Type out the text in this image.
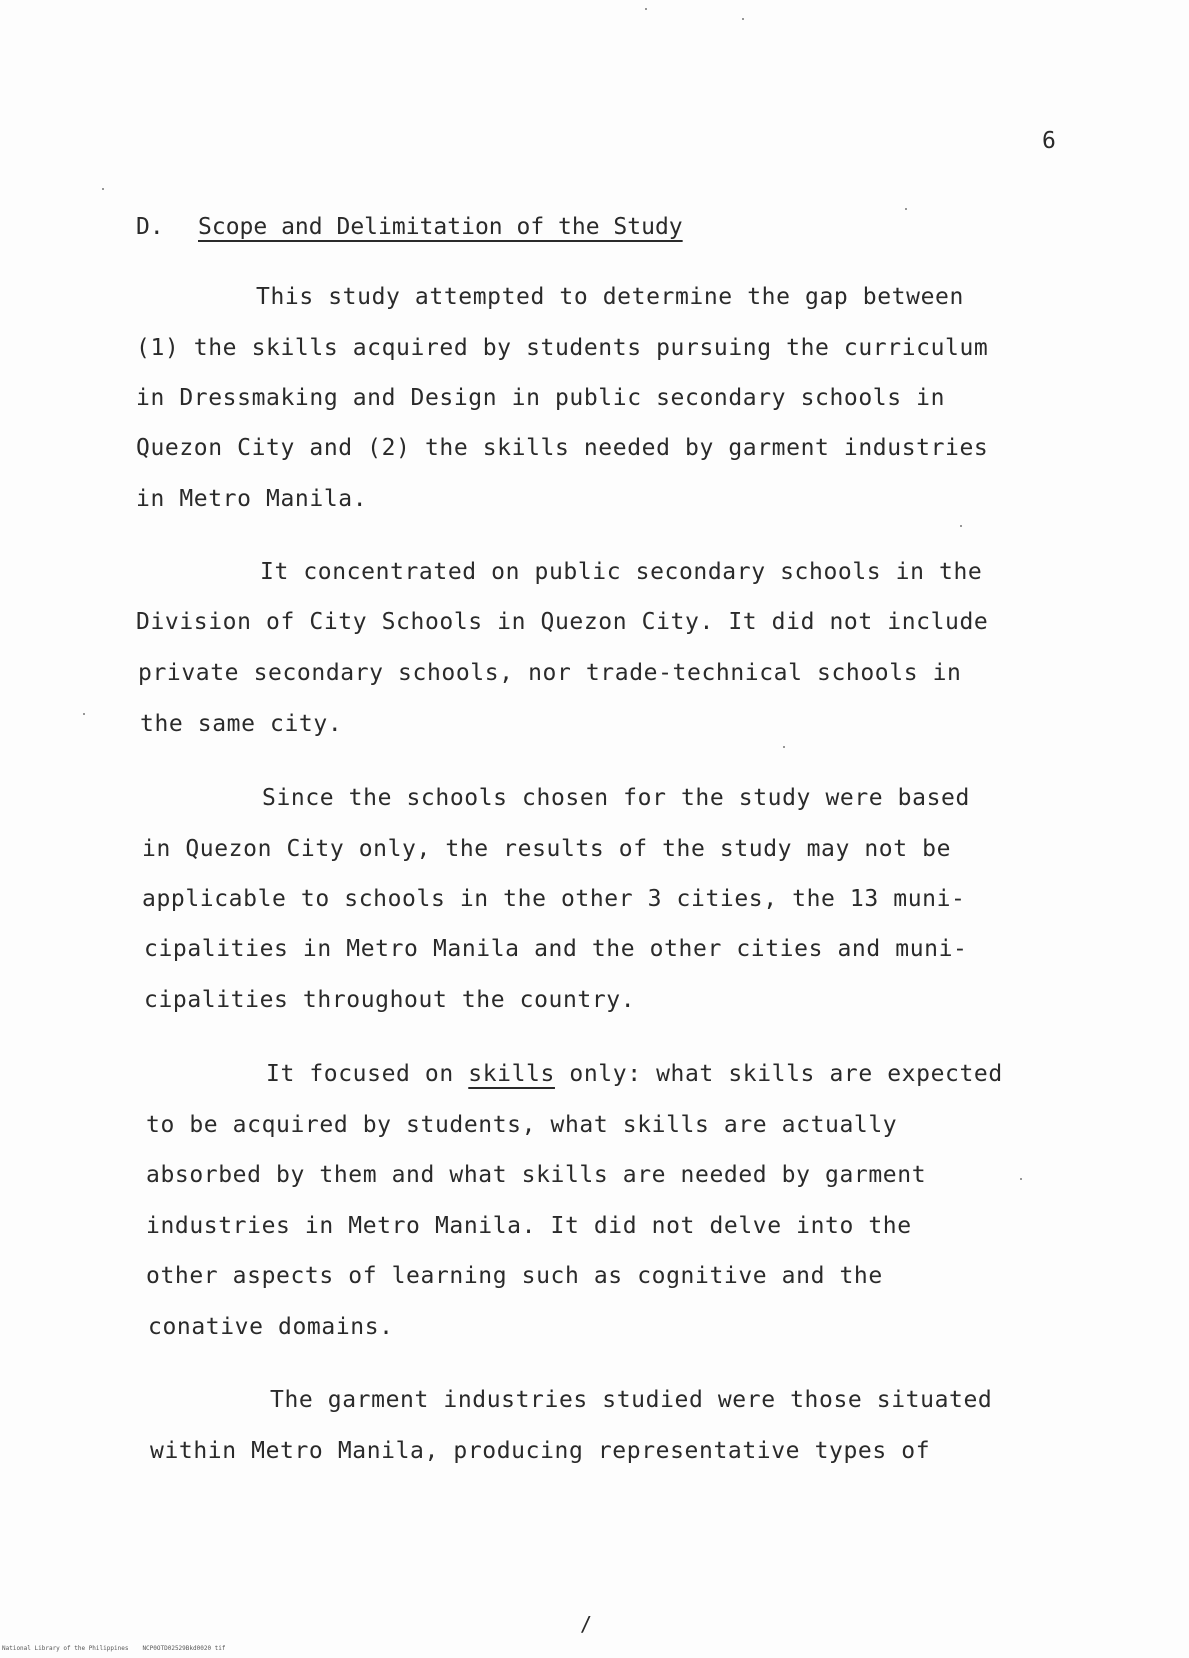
6
D. Scope and Delimitation of the Study
This study attempted to determine the gap between
(1) the skills acquired by students pursuing the curriculum
in Dressmaking and Design in public secondary schools in
Quezon City and (2) the skills needed by garment industries
in Metro Manila.
It concentrated on public secondary schools in the
Division of City Schools in Quezon City. It did not include
private secondary schools, nor trade-technical schools in
the same city.
Since the schools chosen for the study were based
in Quezon City only, the results of the study may not be
applicable to schools in the other 3 cities, the 13 muni-
cipalities in Metro Manila and the other cities and muni-
cipalities throughout the country.
It focused on skills only: what skills are expected
to be acquired by students, what skills are actually
absorbed by them and what skills are needed by garment
industries in Metro Manila. It did not delve into the
other aspects of learning such as cognitive and the
conative domains.
The garment industries studied were those situated
within Metro Manila, producing representative types of
/
National Library of the Philippines NCP0OTD02529Bkd0020 tif
